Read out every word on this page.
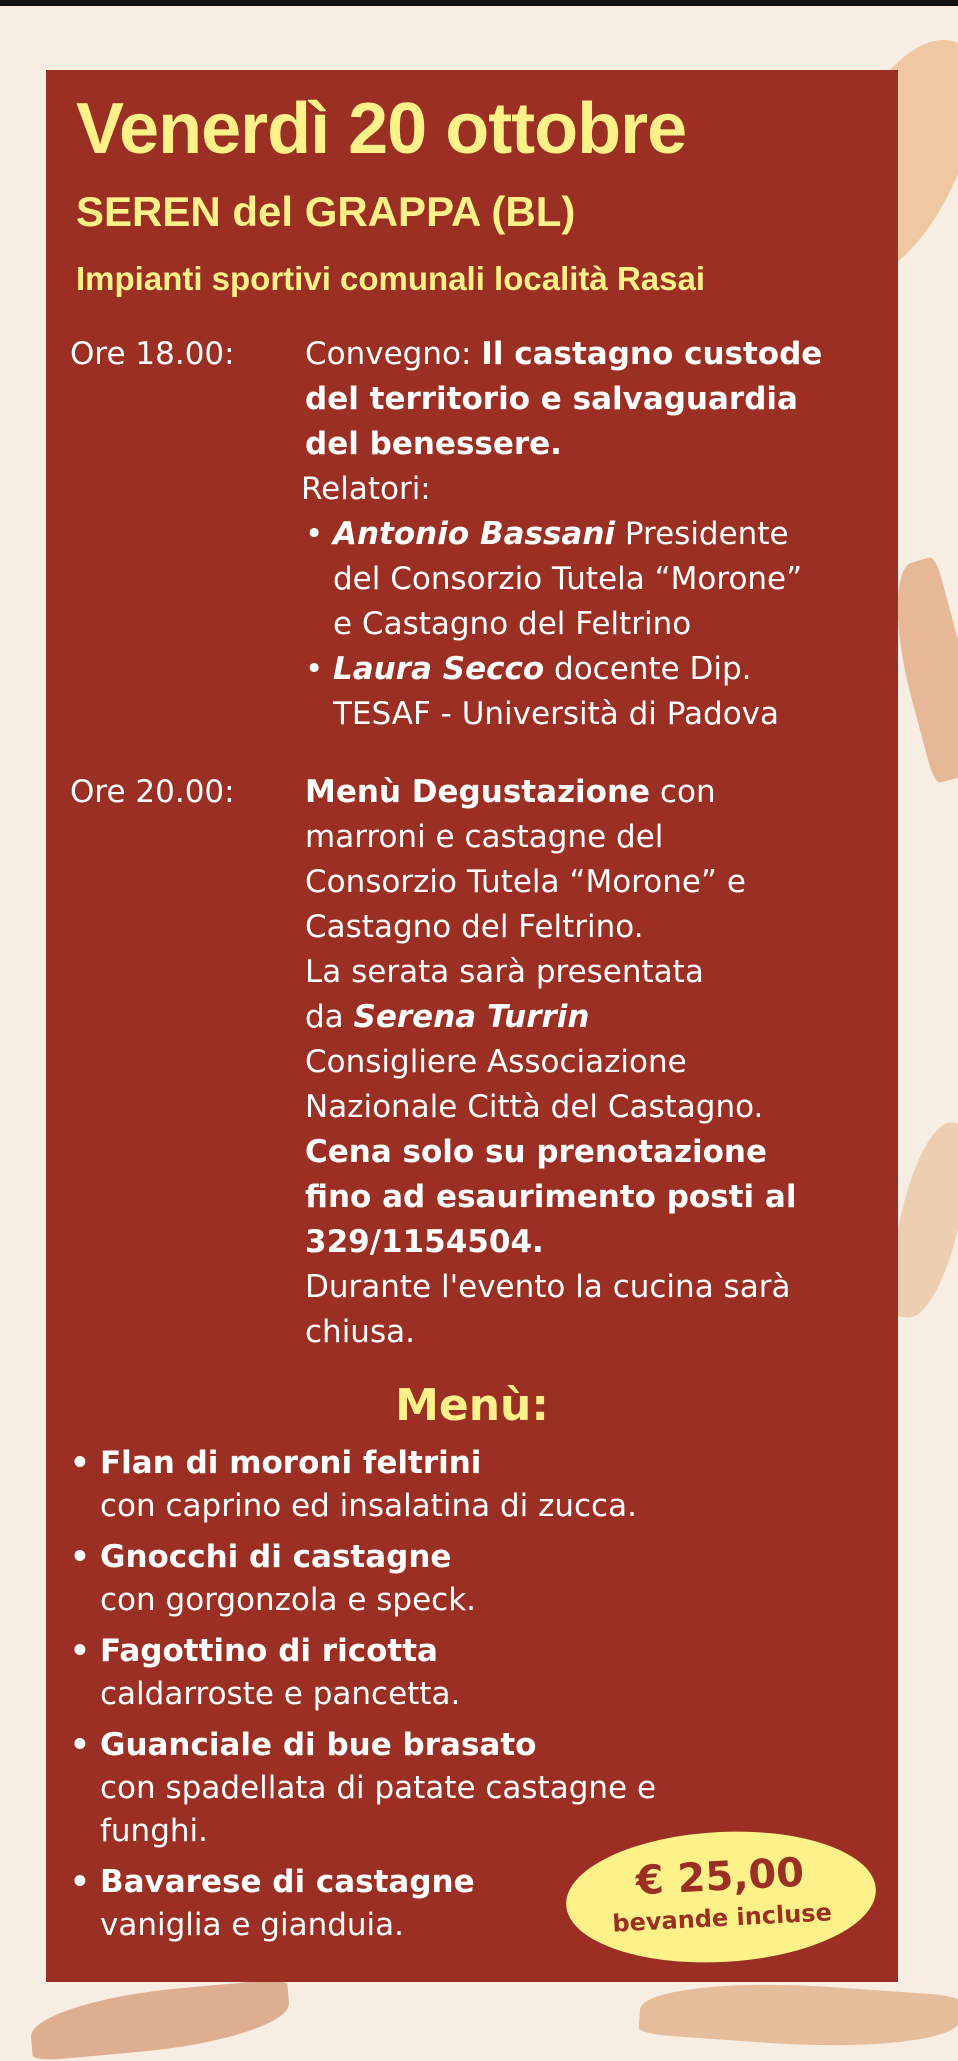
Venerdì 20 ottobre
SEREN del GRAPPA (BL)
Impianti sportivi comunali località Rasai
Ore 18.00: Convegno: Il castagno custode
del territorio e salvaguardia
del benessere.
Relatori:
• Antonio Bassani Presidente
del Consorzio Tutela “Morone”
e Castagno del Feltrino
• Laura Secco docente Dip.
TESAF - Università di Padova
Ore 20.00: Menù Degustazione con
marroni e castagne del
Consorzio Tutela “Morone” e
Castagno del Feltrino.
La serata sarà presentata
da Serena Turrin
Consigliere Associazione
Nazionale Città del Castagno.
Cena solo su prenotazione
fino ad esaurimento posti al
329/1154504.
Durante l'evento la cucina sarà
chiusa.
Menù:
• Flan di moroni feltrini
con caprino ed insalatina di zucca.
• Gnocchi di castagne
con gorgonzola e speck.
• Fagottino di ricotta
caldarroste e pancetta.
• Guanciale di bue brasato
con spadellata di patate castagne e
funghi.
• Bavarese di castagne
vaniglia e gianduia.
€ 25,00
bevande incluse
